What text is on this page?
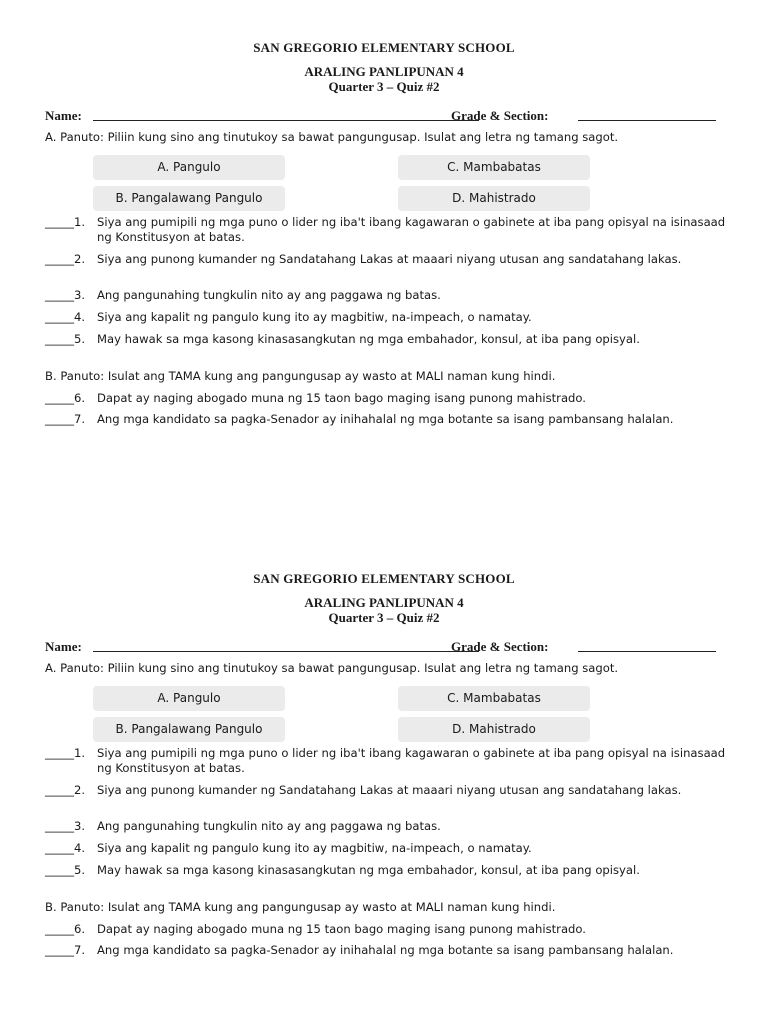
SAN GREGORIO ELEMENTARY SCHOOL
ARALING PANLIPUNAN 4
Quarter 3 – Quiz #2
Name:	Grade & Section:
A. Panuto: Piliin kung sino ang tinutukoy sa bawat pangungusap. Isulat ang letra ng tamang sagot.
A. Pangulo	C. Mambabatas
B. Pangalawang Pangulo	D. Mahistrado
_____1. Siya ang pumipili ng mga puno o lider ng iba't ibang kagawaran o gabinete at iba pang opisyal na isinasaad ng Konstitusyon at batas.
_____2. Siya ang punong kumander ng Sandatahang Lakas at maaari niyang utusan ang sandatahang lakas.
_____3. Ang pangunahing tungkulin nito ay ang paggawa ng batas.
_____4. Siya ang kapalit ng pangulo kung ito ay magbitiw, na-impeach, o namatay.
_____5. May hawak sa mga kasong kinasasangkutan ng mga embahador, konsul, at iba pang opisyal.
B. Panuto: Isulat ang TAMA kung ang pangungusap ay wasto at MALI naman kung hindi.
_____6. Dapat ay naging abogado muna ng 15 taon bago maging isang punong mahistrado.
_____7. Ang mga kandidato sa pagka-Senador ay inihahalal ng mga botante sa isang pambansang halalan.
SAN GREGORIO ELEMENTARY SCHOOL
ARALING PANLIPUNAN 4
Quarter 3 – Quiz #2
Name:	Grade & Section:
A. Panuto: Piliin kung sino ang tinutukoy sa bawat pangungusap. Isulat ang letra ng tamang sagot.
A. Pangulo	C. Mambabatas
B. Pangalawang Pangulo	D. Mahistrado
_____1. Siya ang pumipili ng mga puno o lider ng iba't ibang kagawaran o gabinete at iba pang opisyal na isinasaad ng Konstitusyon at batas.
_____2. Siya ang punong kumander ng Sandatahang Lakas at maaari niyang utusan ang sandatahang lakas.
_____3. Ang pangunahing tungkulin nito ay ang paggawa ng batas.
_____4. Siya ang kapalit ng pangulo kung ito ay magbitiw, na-impeach, o namatay.
_____5. May hawak sa mga kasong kinasasangkutan ng mga embahador, konsul, at iba pang opisyal.
B. Panuto: Isulat ang TAMA kung ang pangungusap ay wasto at MALI naman kung hindi.
_____6. Dapat ay naging abogado muna ng 15 taon bago maging isang punong mahistrado.
_____7. Ang mga kandidato sa pagka-Senador ay inihahalal ng mga botante sa isang pambansang halalan.
